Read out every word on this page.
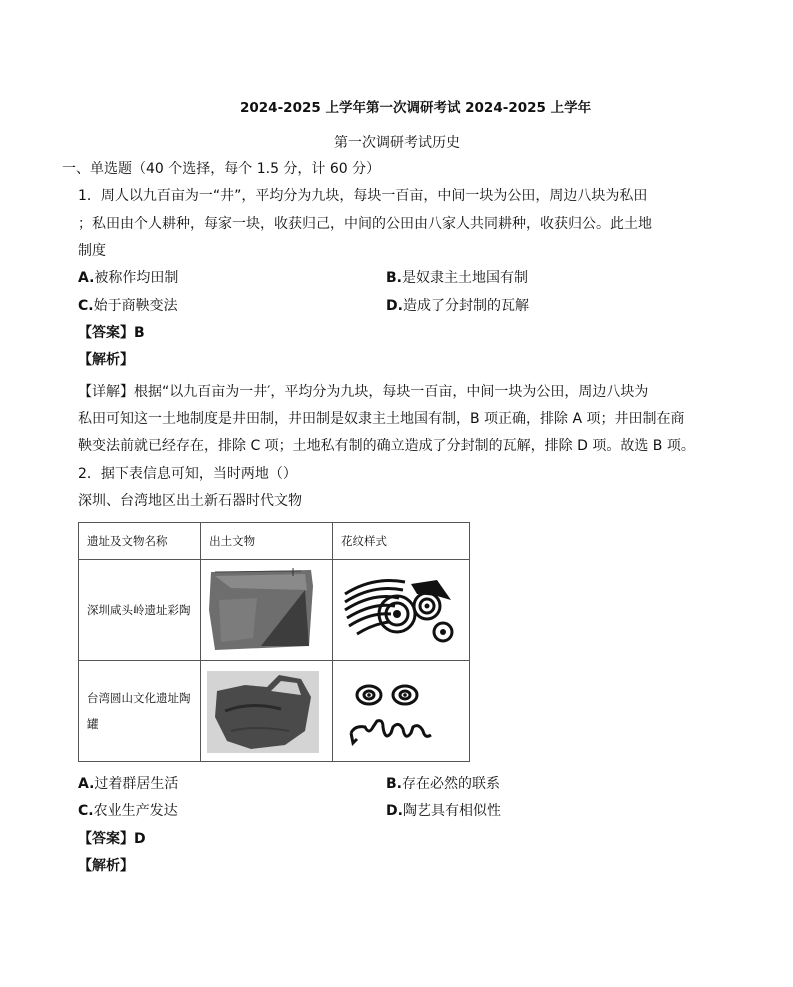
2024-2025 上学年第一次调研考试 2024-2025 上学年
第一次调研考试历史
一、单选题（40 个选择，每个 1.5 分，计 60 分）
1．周人以九百亩为一“井”，平均分为九块，每块一百亩，中间一块为公田，周边八块为私田
；私田由个人耕种，每家一块，收获归己，中间的公田由八家人共同耕种，收获归公。此土地
制度
A.被称作均田制	B.是奴隶主土地国有制
C.始于商鞅变法	D.造成了分封制的瓦解
【答案】B
【解析】
【详解】根据“以九百亩为一井′，平均分为九块，每块一百亩，中间一块为公田，周边八块为
私田可知这一土地制度是井田制，井田制是奴隶主土地国有制，B 项正确，排除 A 项；井田制在商
鞅变法前就已经存在，排除 C 项；土地私有制的确立造成了分封制的瓦解，排除 D 项。故选 B 项。
2．据下表信息可知，当时两地（）
深圳、台湾地区出土新石器时代文物
遗址及文物名称	出土文物	花纹样式
深圳咸头岭遗址彩陶	

台湾圆山文化遗址陶罐	

A.过着群居生活	B.存在必然的联系
C.农业生产发达	D.陶艺具有相似性
【答案】D
【解析】
